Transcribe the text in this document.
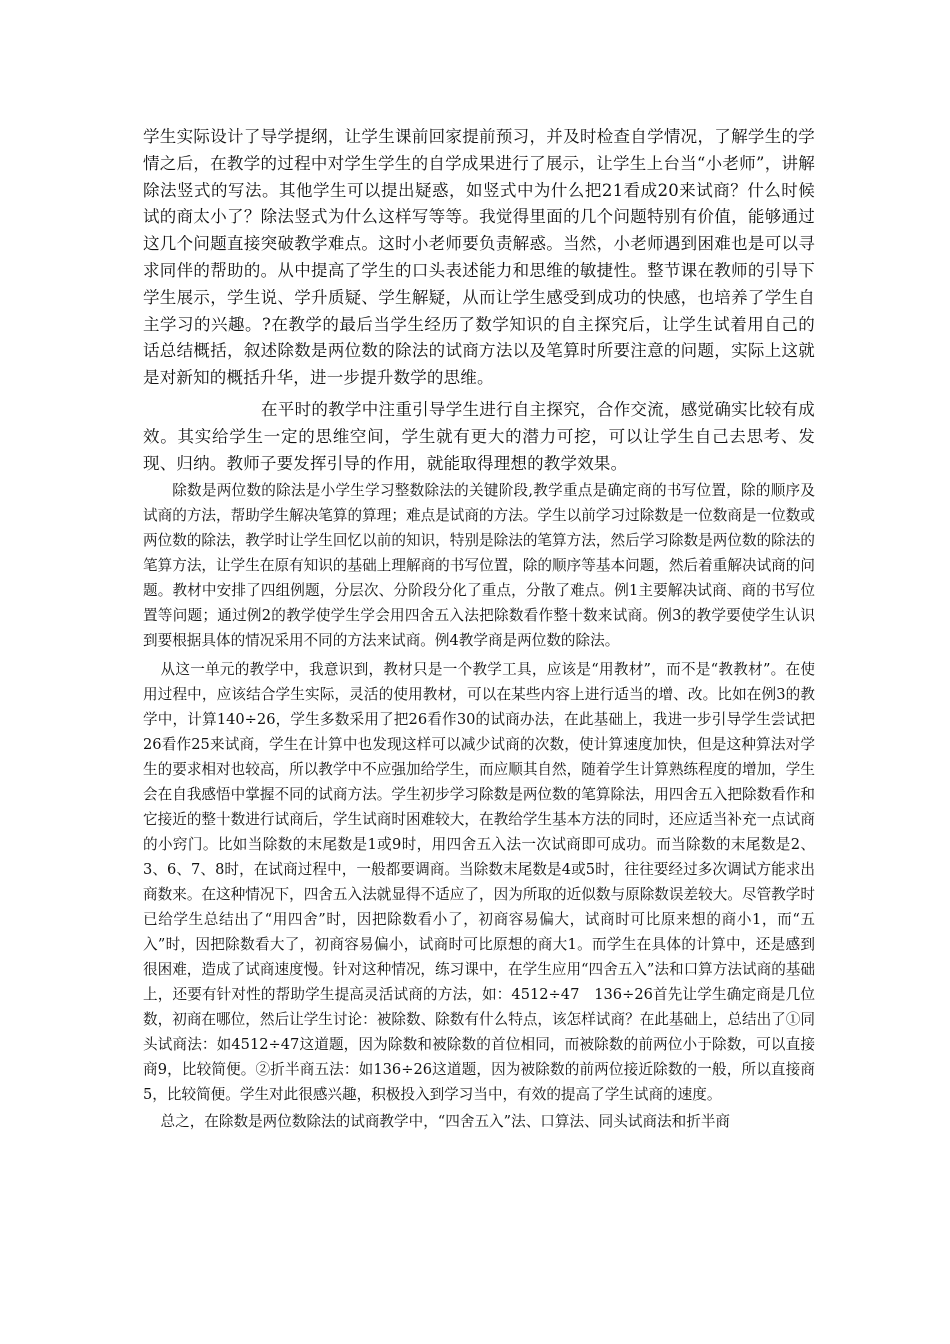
学生实际设计了导学提纲，让学生课前回家提前预习，并及时检查自学情况，了解学生的学情之后，在教学的过程中对学生学生的自学成果进行了展示，让学生上台当“小老师”，讲解除法竖式的写法。其他学生可以提出疑惑，如竖式中为什么把21看成20来试商？什么时候试的商太小了？除法竖式为什么这样写等等。我觉得里面的几个问题特别有价值，能够通过这几个问题直接突破教学难点。这时小老师要负责解惑。当然，小老师遇到困难也是可以寻求同伴的帮助的。从中提高了学生的口头表述能力和思维的敏捷性。整节课在教师的引导下学生展示，学生说、学升质疑、学生解疑，从而让学生感受到成功的快感，也培养了学生自主学习的兴趣。?在教学的最后当学生经历了数学知识的自主探究后，让学生试着用自己的话总结概括，叙述除数是两位数的除法的试商方法以及笔算时所要注意的问题，实际上这就是对新知的概括升华，进一步提升数学的思维。

在平时的教学中注重引导学生进行自主探究，合作交流，感觉确实比较有成效。其实给学生一定的思维空间，学生就有更大的潜力可挖，可以让学生自己去思考、发现、归纳。教师子要发挥引导的作用，就能取得理想的教学效果。

除数是两位数的除法是小学生学习整数除法的关键阶段,教学重点是确定商的书写位置，除的顺序及试商的方法，帮助学生解决笔算的算理；难点是试商的方法。学生以前学习过除数是一位数商是一位数或两位数的除法，教学时让学生回忆以前的知识，特别是除法的笔算方法，然后学习除数是两位数的除法的笔算方法，让学生在原有知识的基础上理解商的书写位置，除的顺序等基本问题，然后着重解决试商的问题。教材中安排了四组例题，分层次、分阶段分化了重点，分散了难点。例1主要解决试商、商的书写位置等问题；通过例2的教学使学生学会用四舍五入法把除数看作整十数来试商。例3的教学要使学生认识到要根据具体的情况采用不同的方法来试商。例4教学商是两位数的除法。

从这一单元的教学中，我意识到，教材只是一个教学工具，应该是“用教材”，而不是“教教材”。在使用过程中，应该结合学生实际，灵活的使用教材，可以在某些内容上进行适当的增、改。比如在例3的教学中，计算140÷26，学生多数采用了把26看作30的试商办法，在此基础上，我进一步引导学生尝试把26看作25来试商，学生在计算中也发现这样可以减少试商的次数，使计算速度加快，但是这种算法对学生的要求相对也较高，所以教学中不应强加给学生，而应顺其自然，随着学生计算熟练程度的增加，学生会在自我感悟中掌握不同的试商方法。学生初步学习除数是两位数的笔算除法，用四舍五入把除数看作和它接近的整十数进行试商后，学生试商时困难较大，在教给学生基本方法的同时，还应适当补充一点试商的小窍门。比如当除数的末尾数是1或9时，用四舍五入法一次试商即可成功。而当除数的末尾数是2、3、6、7、8时，在试商过程中，一般都要调商。当除数末尾数是4或5时，往往要经过多次调试方能求出商数来。在这种情况下，四舍五入法就显得不适应了，因为所取的近似数与原除数误差较大。尽管教学时已给学生总结出了“用四舍”时，因把除数看小了，初商容易偏大，试商时可比原来想的商小1，而“五入”时，因把除数看大了，初商容易偏小，试商时可比原想的商大1。而学生在具体的计算中，还是感到很困难，造成了试商速度慢。针对这种情况，练习课中，在学生应用“四舍五入”法和口算方法试商的基础上，还要有针对性的帮助学生提高灵活试商的方法，如：4512÷47　136÷26首先让学生确定商是几位数，初商在哪位，然后让学生讨论：被除数、除数有什么特点，该怎样试商？在此基础上，总结出了①同头试商法：如4512÷47这道题，因为除数和被除数的首位相同，而被除数的前两位小于除数，可以直接商9，比较简便。②折半商五法：如136÷26这道题，因为被除数的前两位接近除数的一般，所以直接商5，比较简便。学生对此很感兴趣，积极投入到学习当中，有效的提高了学生试商的速度。

总之，在除数是两位数除法的试商教学中，“四舍五入”法、口算法、同头试商法和折半商
